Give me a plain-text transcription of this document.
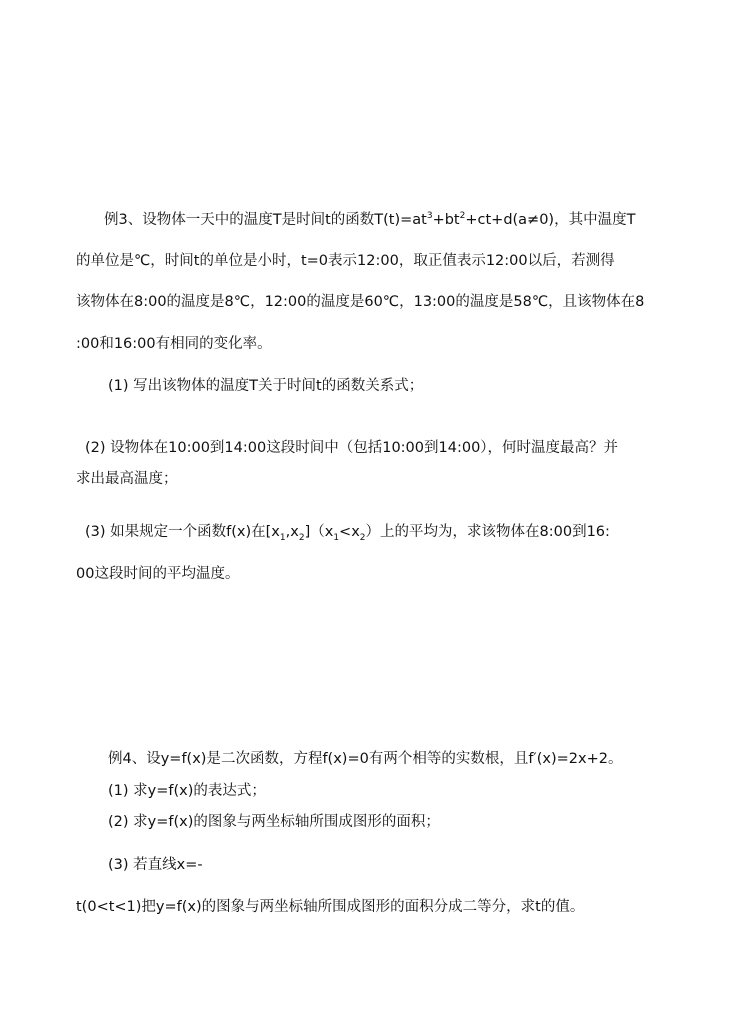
例3、设物体一天中的温度T是时间t的函数$T(t)=at^3+bt^2+ct+d(a\ne 0)$，其中温度T
的单位是℃，时间t的单位是小时，t=0表示12:00，取正值表示12:00以后，若测得
该物体在8:00的温度是8℃，12:00的温度是60℃，13:00的温度是58℃，且该物体在8
:00和16:00有相同的变化率。
(1) 写出该物体的温度T关于时间t的函数关系式；
(2) 设物体在10:00到14:00这段时间中（包括10:00到14:00），何时温度最高？并
求出最高温度；
(3) 如果规定一个函数f(x)在$[x_1,x_2](x_1<x_2)$上的平均为，求该物体在8:00到16:
00这段时间的平均温度。
例4、设y=f(x)是二次函数，方程f(x)=0有两个相等的实数根，且f′(x)=2x+2。
(1) 求y=f(x)的表达式；
(2) 求y=f(x)的图象与两坐标轴所围成图形的面积；
(3) 若直线x=-
t(0<t<1)把y=f(x)的图象与两坐标轴所围成图形的面积分成二等分，求t的值。
